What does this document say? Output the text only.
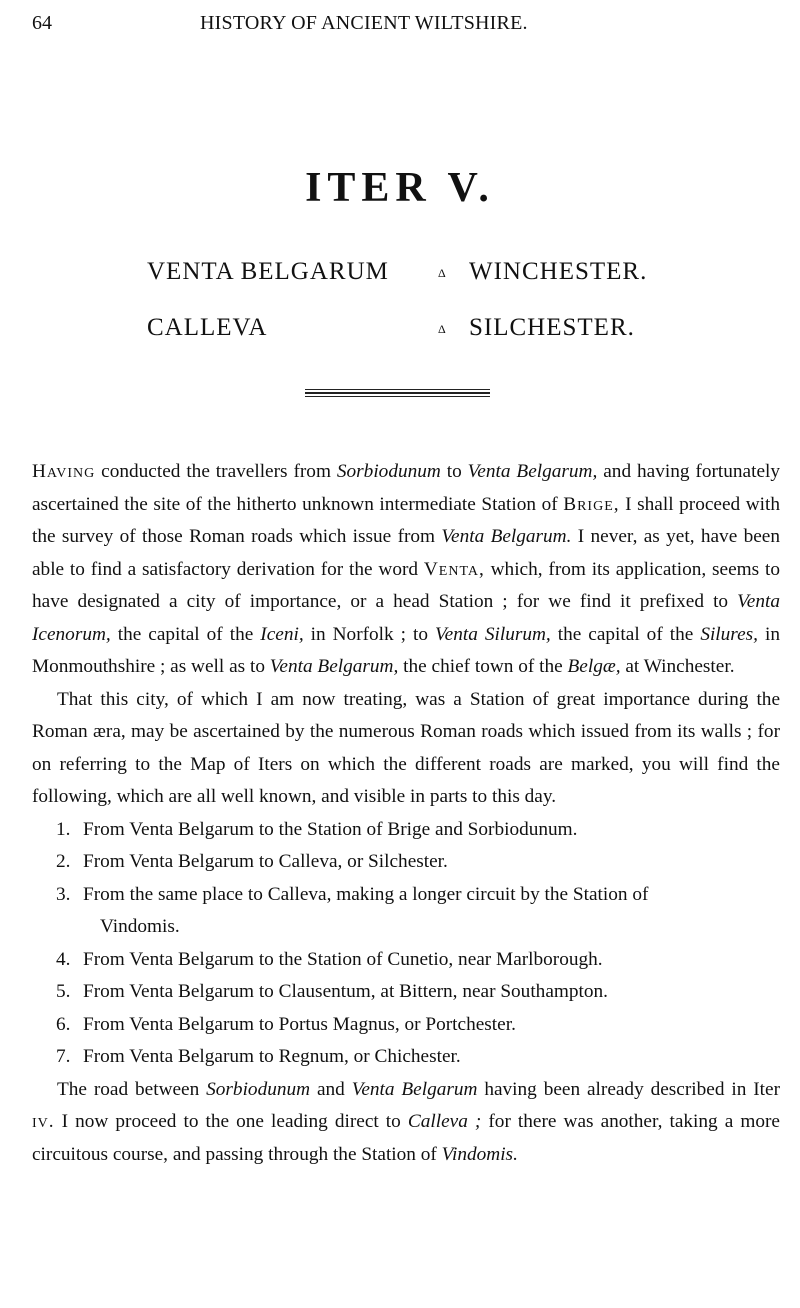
64	HISTORY OF ANCIENT WILTSHIRE.
ITER V.
VENTA BELGARUM	Δ WINCHESTER.
CALLEVA	Δ SILCHESTER.

Having conducted the travellers from Sorbiodunum to Venta Belgarum, and having fortunately ascertained the site of the hitherto unknown intermediate Station of Brige, I shall proceed with the survey of those Roman roads which issue from Venta Belgarum. I never, as yet, have been able to find a satisfactory derivation for the word Venta, which, from its application, seems to have designated a city of importance, or a head Station ; for we find it prefixed to Venta Icenorum, the capital of the Iceni, in Norfolk ; to Venta Silurum, the capital of the Silures, in Monmouthshire ; as well as to Venta Belgarum, the chief town of the Belgæ, at Winchester.

That this city, of which I am now treating, was a Station of great importance during the Roman æra, may be ascertained by the numerous Roman roads which issued from its walls ; for on referring to the Map of Iters on which the different roads are marked, you will find the following, which are all well known, and visible in parts to this day.

1. From Venta Belgarum to the Station of Brige and Sorbiodunum.
2. From Venta Belgarum to Calleva, or Silchester.
3. From the same place to Calleva, making a longer circuit by the Station of
Vindomis.
4. From Venta Belgarum to the Station of Cunetio, near Marlborough.
5. From Venta Belgarum to Clausentum, at Bittern, near Southampton.
6. From Venta Belgarum to Portus Magnus, or Portchester.
7. From Venta Belgarum to Regnum, or Chichester.

The road between Sorbiodunum and Venta Belgarum having been already described in Iter iv. I now proceed to the one leading direct to Calleva ; for there was another, taking a more circuitous course, and passing through the Station of Vindomis.
